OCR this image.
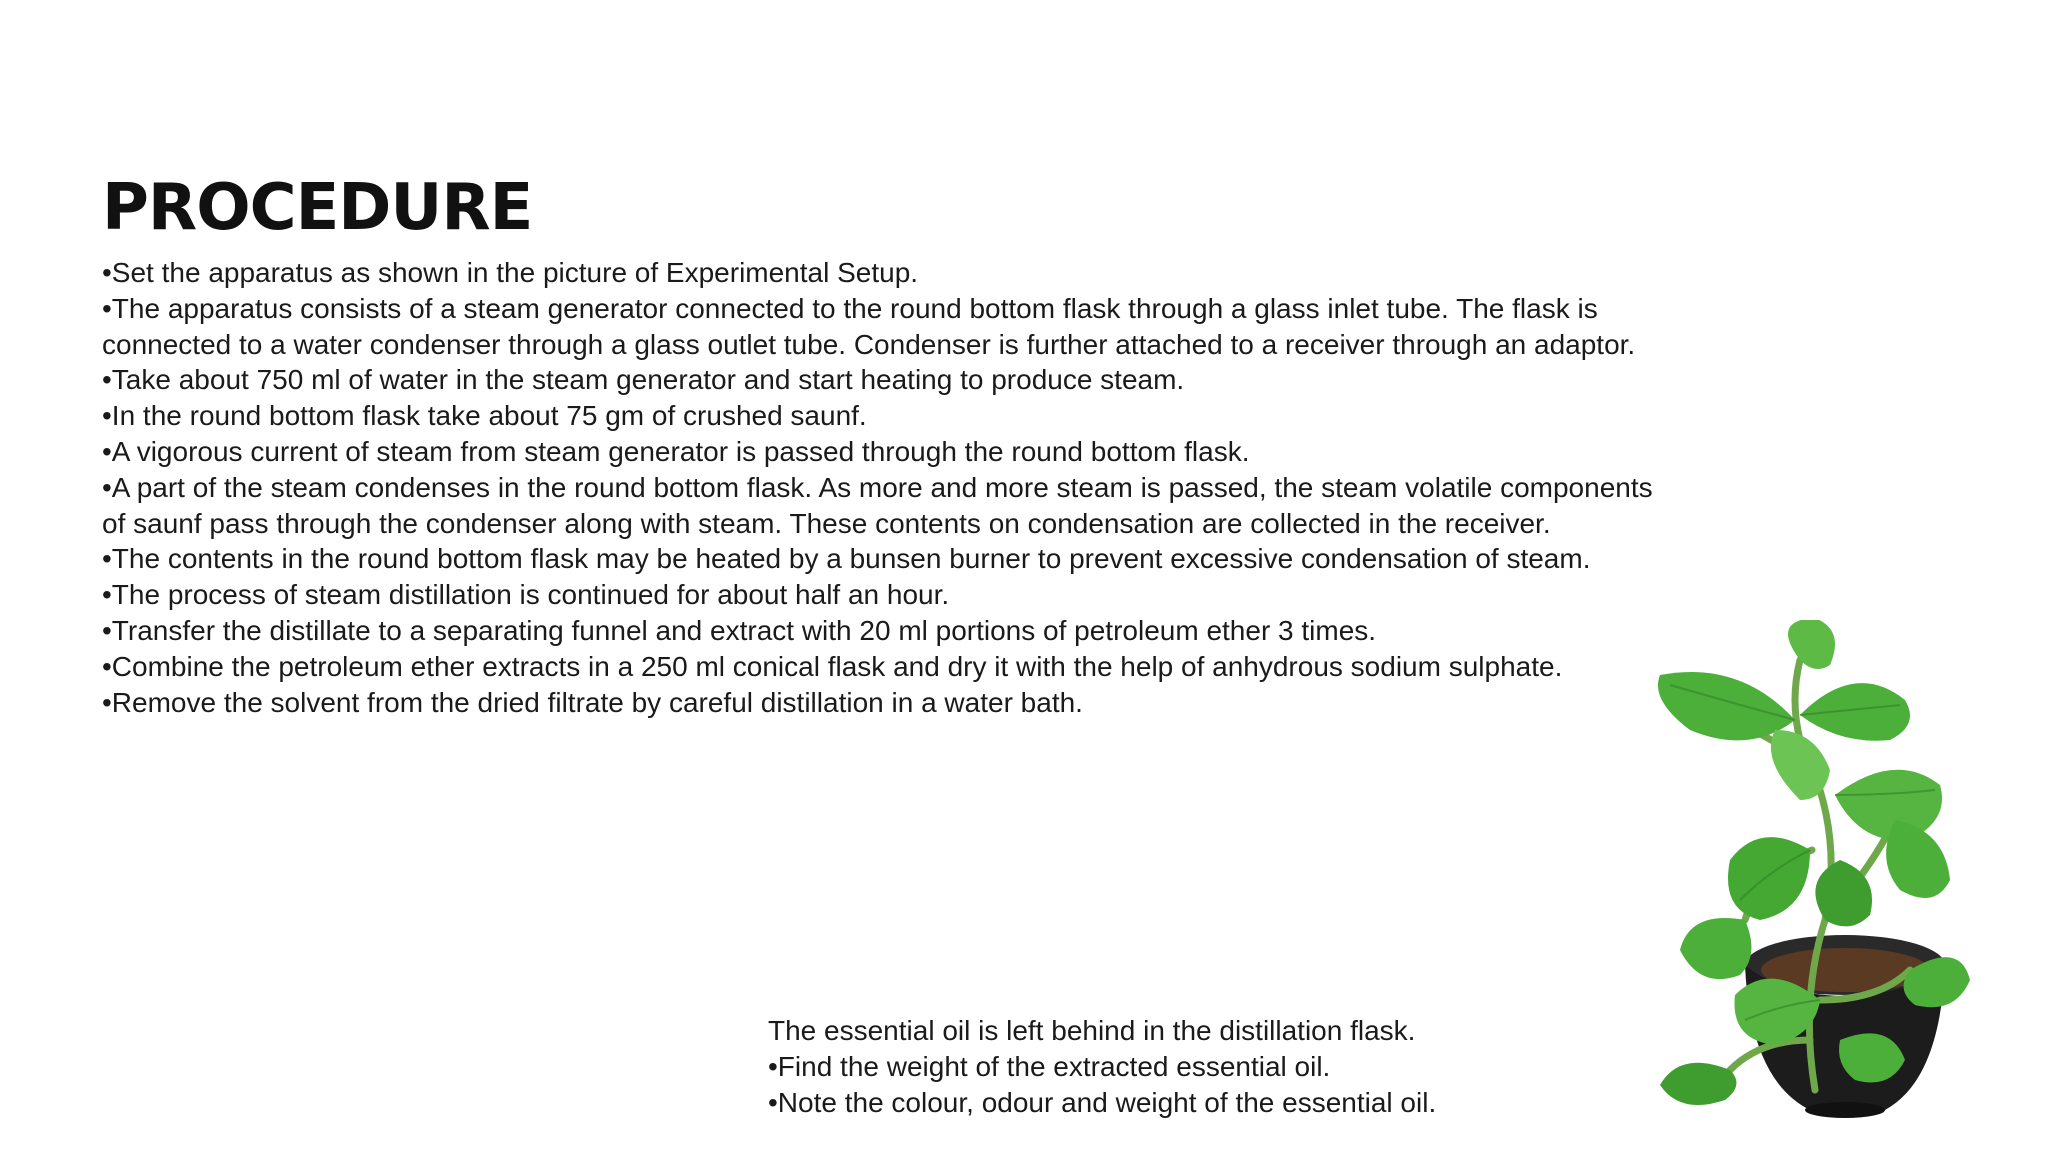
PROCEDURE

•Set the apparatus as shown in the picture of Experimental Setup.

•The apparatus consists of a steam generator connected to the round bottom flask through a glass inlet tube. The flask is connected to a water condenser through a glass outlet tube. Condenser is further attached to a receiver through an adaptor.

•Take about 750 ml of water in the steam generator and start heating to produce steam.

•In the round bottom flask take about 75 gm of crushed saunf.

•A vigorous current of steam from steam generator is passed through the round bottom flask.

•A part of the steam condenses in the round bottom flask. As more and more steam is passed, the steam volatile components of saunf pass through the condenser along with steam. These contents on condensation are collected in the receiver.

•The contents in the round bottom flask may be heated by a bunsen burner to prevent excessive condensation of steam.

•The process of steam distillation is continued for about half an hour.

•Transfer the distillate to a separating funnel and extract with 20 ml portions of petroleum ether 3 times.

•Combine the petroleum ether extracts in a 250 ml conical flask and dry it with the help of anhydrous sodium sulphate.

•Remove the solvent from the dried filtrate by careful distillation in a water bath.

The essential oil is left behind in the distillation flask.

•Find the weight of the extracted essential oil.

•Note the colour, odour and weight of the essential oil.
